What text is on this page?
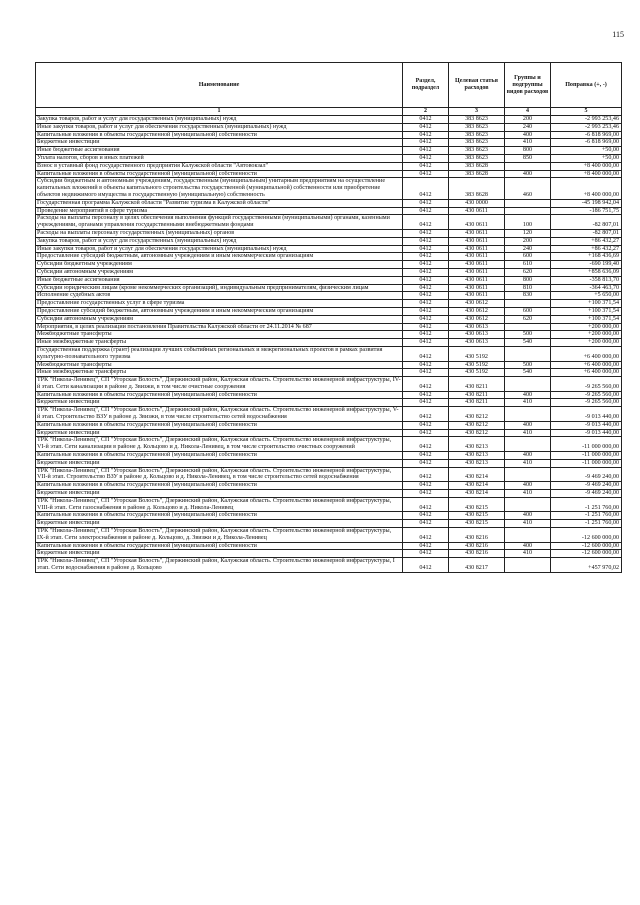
115
Наименование	Раздел, подраздел	Целевая статья расходов	Группы и подгруппы видов расходов	Поправка (+, -)
1	2	3	4	5
Закупка товаров, работ и услуг для государственных (муниципальных) нужд	0412	383 8623	200	-2 993 253,46
Иные закупки товаров, работ и услуг для обеспечения государственных (муниципальных) нужд	0412	383 8623	240	-2 993 253,46
Капитальные вложения в объекты государственной (муниципальной) собственности	0412	383 8623	400	-6 818 969,00
Бюджетные инвестиции	0412	383 8623	410	-6 818 969,00
Иные бюджетные ассигнования	0412	383 8623	800	+50,00
Уплата налогов, сборов и иных платежей	0412	383 8623	850	+50,00
Взнос в уставный фонд государственного предприятия Калужской области "Автовокзал"	0412	383 8628		+8 400 000,00
Капитальные вложения в объекты государственной (муниципальной) собственности	0412	383 8628	400	+8 400 000,00
Субсидии бюджетным и автономным учреждениям, государственным (муниципальным) унитарным предприятиям на осуществление капитальных вложений в объекты капитального строительства государственной (муниципальной) собственности или приобретение объектов недвижимого имущества в государственную (муниципальную) собственность	0412	383 8628	460	+8 400 000,00
Государственная программа Калужской области "Развитие туризма в Калужской области"	0412	430 0000		-45 198 942,04
Проведение мероприятий в сфере туризма	0412	430 0611		-186 751,75
Расходы на выплаты персоналу в целях обеспечения выполнения функций государственными (муниципальными) органами, казенными учреждениями, органами управления государственными внебюджетными фондами	0412	430 0611	100	-82 807,01
Расходы на выплаты персоналу государственных (муниципальных) органов	0412	430 0611	120	-82 807,01
Закупка товаров, работ и услуг для государственных (муниципальных) нужд	0412	430 0611	200	+86 432,27
Иные закупки товаров, работ и услуг для обеспечения государственных (муниципальных) нужд	0412	430 0611	240	+86 432,27
Предоставление субсидий бюджетным, автономным учреждениям и иным некоммерческим организациям	0412	430 0611	600	+168 436,69
Субсидии бюджетным учреждениям	0412	430 0611	610	-690 199,40
Субсидии автономным учреждениям	0412	430 0611	620	+858 636,09
Иные бюджетные ассигнования	0412	430 0611	800	-358 813,70
Субсидии юридическим лицам (кроме некоммерческих организаций), индивидуальным предпринимателям, физическим лицам	0412	430 0611	810	-364 463,70
Исполнение судебных актов	0412	430 0611	830	+5 650,00
Предоставление государственных услуг в сфере туризма	0412	430 0612		+100 371,54
Предоставление субсидий бюджетным, автономным учреждениям и иным некоммерческим организациям	0412	430 0612	600	+100 371,54
Субсидии автономным учреждениям	0412	430 0612	620	+100 371,54
Мероприятия, в целях реализации постановления Правительства Калужской области от 24.11.2014 № 687	0412	430 0613		+200 000,00
Межбюджетные трансферты	0412	430 0613	500	+200 000,00
Иные межбюджетные трансферты	0412	430 0613	540	+200 000,00
Государственная поддержка (грант) реализации лучших событийных региональных и межрегиональных проектов в рамках развития культурно-познавательного туризма	0412	430 5192		+6 400 000,00
Межбюджетные трансферты	0412	430 5192	500	+6 400 000,00
Иные межбюджетные трансферты	0412	430 5192	540	+6 400 000,00
ТРК "Никола-Ленивец", СП "Угорская Волость", Дзержинский район, Калужская область. Строительство инженерной инфраструктуры, IV-й этап. Сети канализации в районе д. Звизжи, в том числе очистные сооружения	0412	430 8211		-9 265 560,00
Капитальные вложения в объекты государственной (муниципальной) собственности	0412	430 8211	400	-9 265 560,00
Бюджетные инвестиции	0412	430 8211	410	-9 265 560,00
ТРК "Никола-Ленивец", СП "Угорская Волость", Дзержинский район, Калужская область. Строительство инженерной инфраструктуры, V-й этап. Строительство ВЗУ в районе д. Звизжи, в том числе строительство сетей водоснабжения	0412	430 8212		-9 013 440,00
Капитальные вложения в объекты государственной (муниципальной) собственности	0412	430 8212	400	-9 013 440,00
Бюджетные инвестиции	0412	430 8212	410	-9 013 440,00
ТРК "Никола-Ленивец", СП "Угорская Волость", Дзержинский район, Калужская область. Строительство инженерной инфраструктуры, VI-й этап. Сети канализации в районе д. Кольцово и д. Никола-Ленивец, в том числе строительство очистных сооружений	0412	430 8213		-11 000 000,00
Капитальные вложения в объекты государственной (муниципальной) собственности	0412	430 8213	400	-11 000 000,00
Бюджетные инвестиции	0412	430 8213	410	-11 000 000,00
ТРК "Никола-Ленивец", СП "Угорская Волость", Дзержинский район, Калужская область. Строительство инженерной инфраструктуры, VII-й этап. Строительство ВЗУ в районе д. Кольцово и д. Никола-Ленивец, в том числе строительство сетей водоснабжения	0412	430 8214		-9 469 240,00
Капитальные вложения в объекты государственной (муниципальной) собственности	0412	430 8214	400	-9 469 240,00
Бюджетные инвестиции	0412	430 8214	410	-9 469 240,00
ТРК "Никола-Ленивец", СП "Угорская Волость", Дзержинский район, Калужская область. Строительство инженерной инфраструктуры, VIII-й этап. Сети газоснабжения в районе д. Кольцово и д. Никола-Ленивец	0412	430 8215		-1 251 760,00
Капитальные вложения в объекты государственной (муниципальной) собственности	0412	430 8215	400	-1 251 760,00
Бюджетные инвестиции	0412	430 8215	410	-1 251 760,00
ТРК "Никола-Ленивец", СП "Угорская Волость", Дзержинский район, Калужская область. Строительство инженерной инфраструктуры, IX-й этап. Сети электроснабжения в районе д. Кольцово, д. Звизжи и д. Никола-Ленивец	0412	430 8216		-12 600 000,00
Капитальные вложения в объекты государственной (муниципальной) собственности	0412	430 8216	400	-12 600 000,00
Бюджетные инвестиции	0412	430 8216	410	-12 600 000,00
ТРК "Никола-Ленивец", СП "Угорская Волость", Дзержинский район, Калужская область. Строительство инженерной инфраструктуры, I этап. Сети водоснабжения в районе д. Кольцово	0412	430 8217		+457 970,02
